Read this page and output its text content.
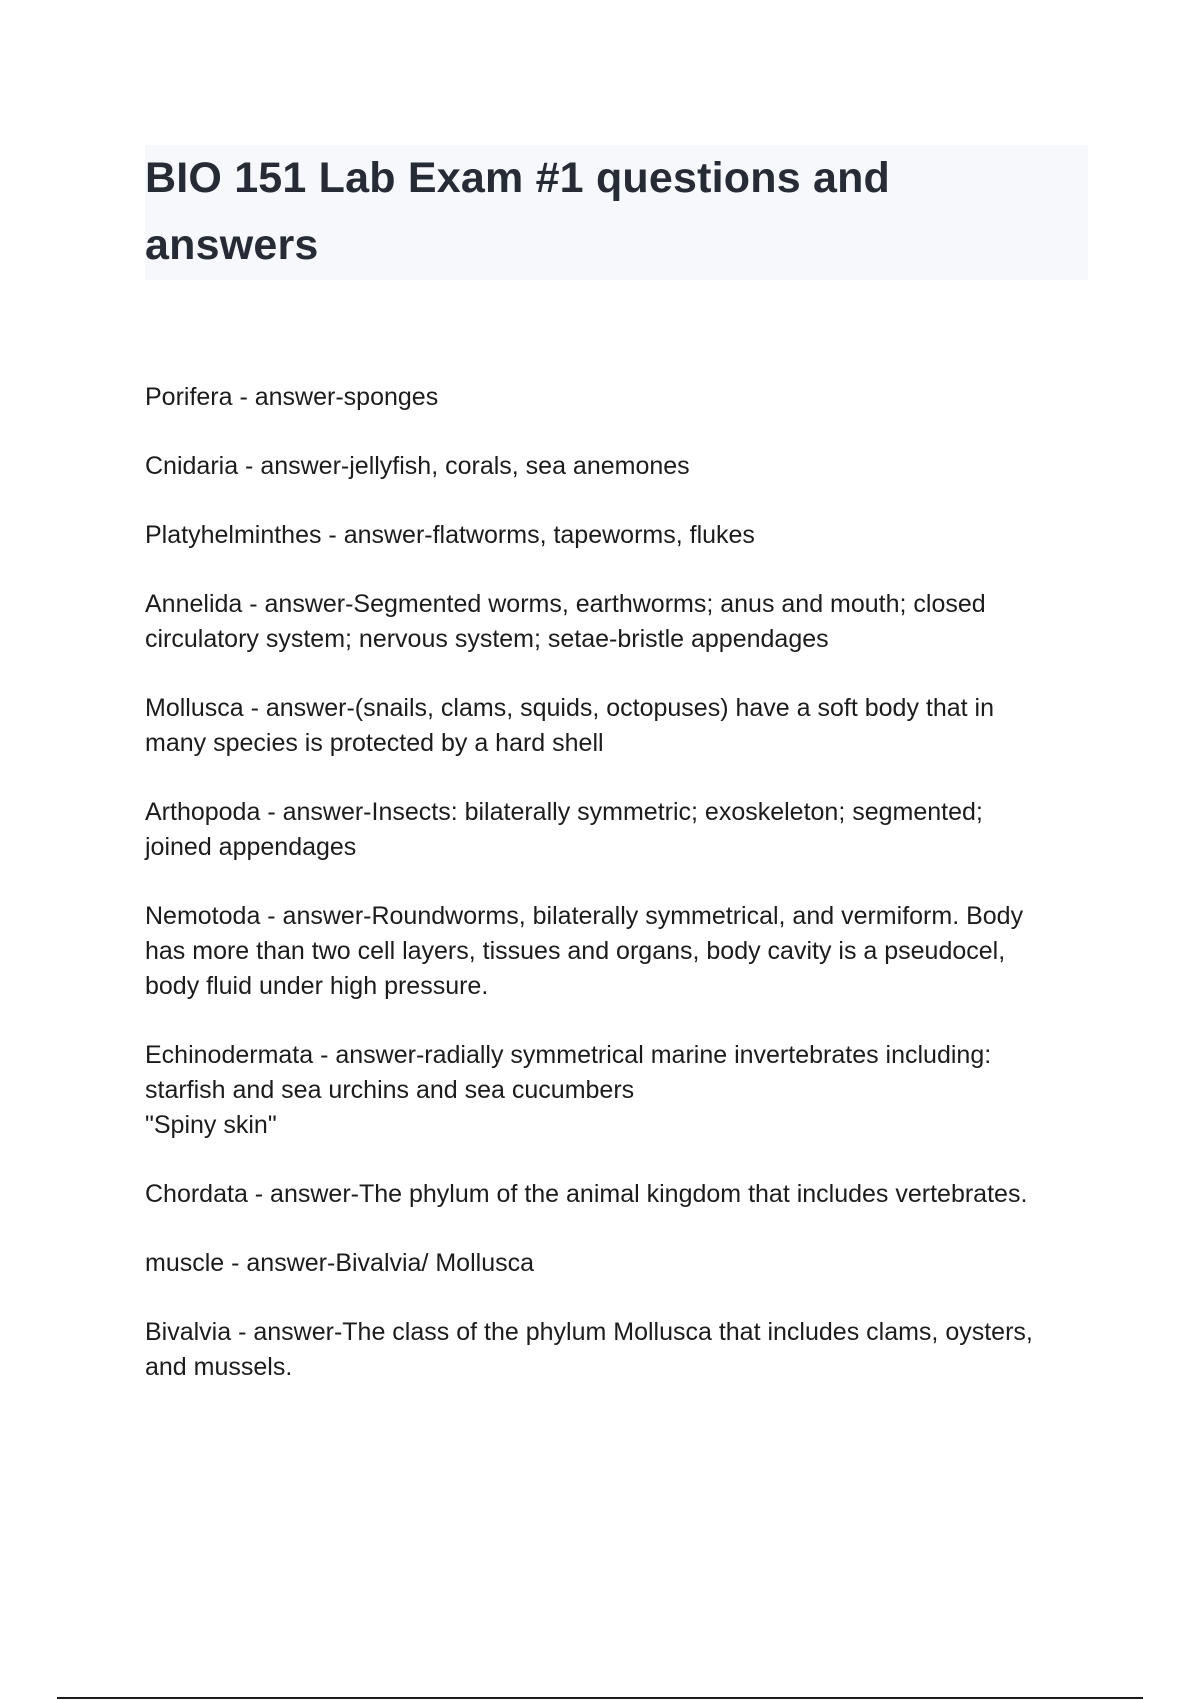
BIO 151 Lab Exam #1 questions and
answers
Porifera - answer-sponges
Cnidaria - answer-jellyfish, corals, sea anemones
Platyhelminthes - answer-flatworms, tapeworms, flukes
Annelida - answer-Segmented worms, earthworms; anus and mouth; closed
circulatory system; nervous system; setae-bristle appendages
Mollusca - answer-(snails, clams, squids, octopuses) have a soft body that in
many species is protected by a hard shell
Arthopoda - answer-Insects: bilaterally symmetric; exoskeleton; segmented;
joined appendages
Nemotoda - answer-Roundworms, bilaterally symmetrical, and vermiform. Body
has more than two cell layers, tissues and organs, body cavity is a pseudocel,
body fluid under high pressure.
Echinodermata - answer-radially symmetrical marine invertebrates including:
starfish and sea urchins and sea cucumbers
"Spiny skin"
Chordata - answer-The phylum of the animal kingdom that includes vertebrates.
muscle - answer-Bivalvia/ Mollusca
Bivalvia - answer-The class of the phylum Mollusca that includes clams, oysters,
and mussels.
